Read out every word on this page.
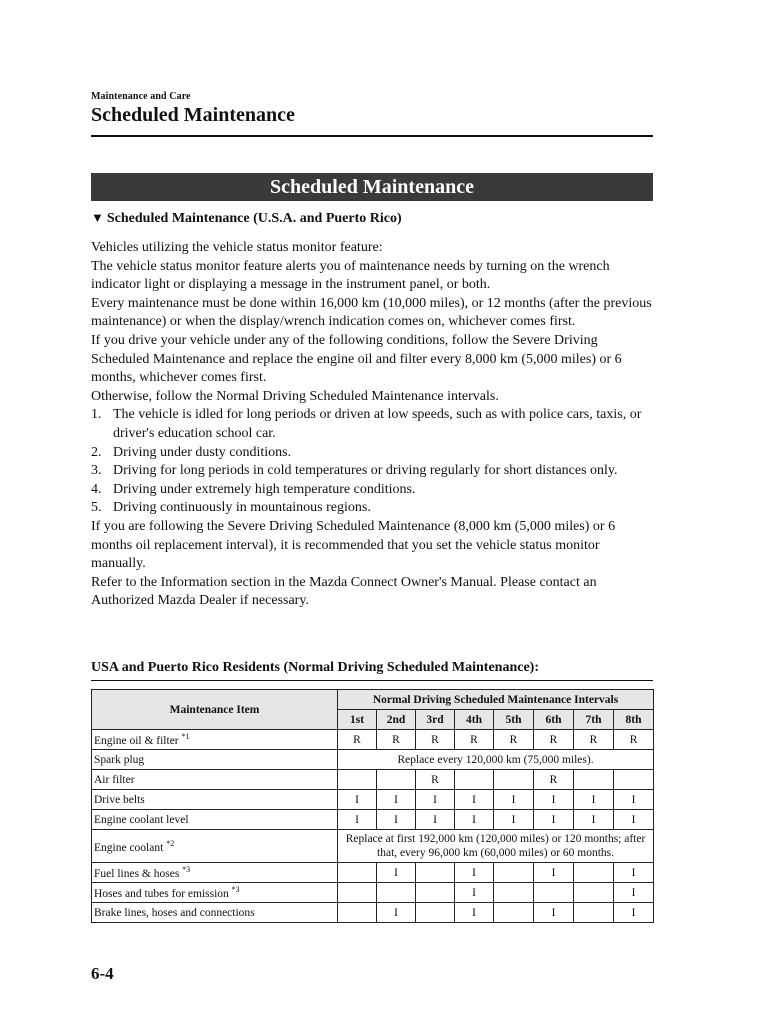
Maintenance and Care
Scheduled Maintenance
Scheduled Maintenance
▼ Scheduled Maintenance (U.S.A. and Puerto Rico)

Vehicles utilizing the vehicle status monitor feature:

The vehicle status monitor feature alerts you of maintenance needs by turning on the wrench indicator light or displaying a message in the instrument panel, or both.

Every maintenance must be done within 16,000 km (10,000 miles), or 12 months (after the previous maintenance) or when the display/wrench indication comes on, whichever comes first.

If you drive your vehicle under any of the following conditions, follow the Severe Driving Scheduled Maintenance and replace the engine oil and filter every 8,000 km (5,000 miles) or 6 months, whichever comes first.

Otherwise, follow the Normal Driving Scheduled Maintenance intervals.

1. The vehicle is idled for long periods or driven at low speeds, such as with police cars, taxis, or driver's education school car.
2. Driving under dusty conditions.
3. Driving for long periods in cold temperatures or driving regularly for short distances only.
4. Driving under extremely high temperature conditions.
5. Driving continuously in mountainous regions.

If you are following the Severe Driving Scheduled Maintenance (8,000 km (5,000 miles) or 6 months oil replacement interval), it is recommended that you set the vehicle status monitor manually.

Refer to the Information section in the Mazda Connect Owner's Manual. Please contact an Authorized Mazda Dealer if necessary.

USA and Puerto Rico Residents (Normal Driving Scheduled Maintenance):
Maintenance Item	Normal Driving Scheduled Maintenance Intervals							
	1st	2nd	3rd	4th	5th	6th	7th	8th
Engine oil & filter $^{*1}$	R	R	R	R	R	R	R	R
Spark plug	Replace every 120,000 km (75,000 miles).							
Air filter			R			R		
Drive belts	I	I	I	I	I	I	I	I
Engine coolant level	I	I	I	I	I	I	I	I
Engine coolant $^{*2}$	Replace at first 192,000 km (120,000 miles) or 120 months; after that, every 96,000 km (60,000 miles) or 60 months.							
Fuel lines & hoses $^{*3}$		I		I		I		I
Hoses and tubes for emission $^{*3}$				I				I
Brake lines, hoses and connections		I		I		I		I
6-4
